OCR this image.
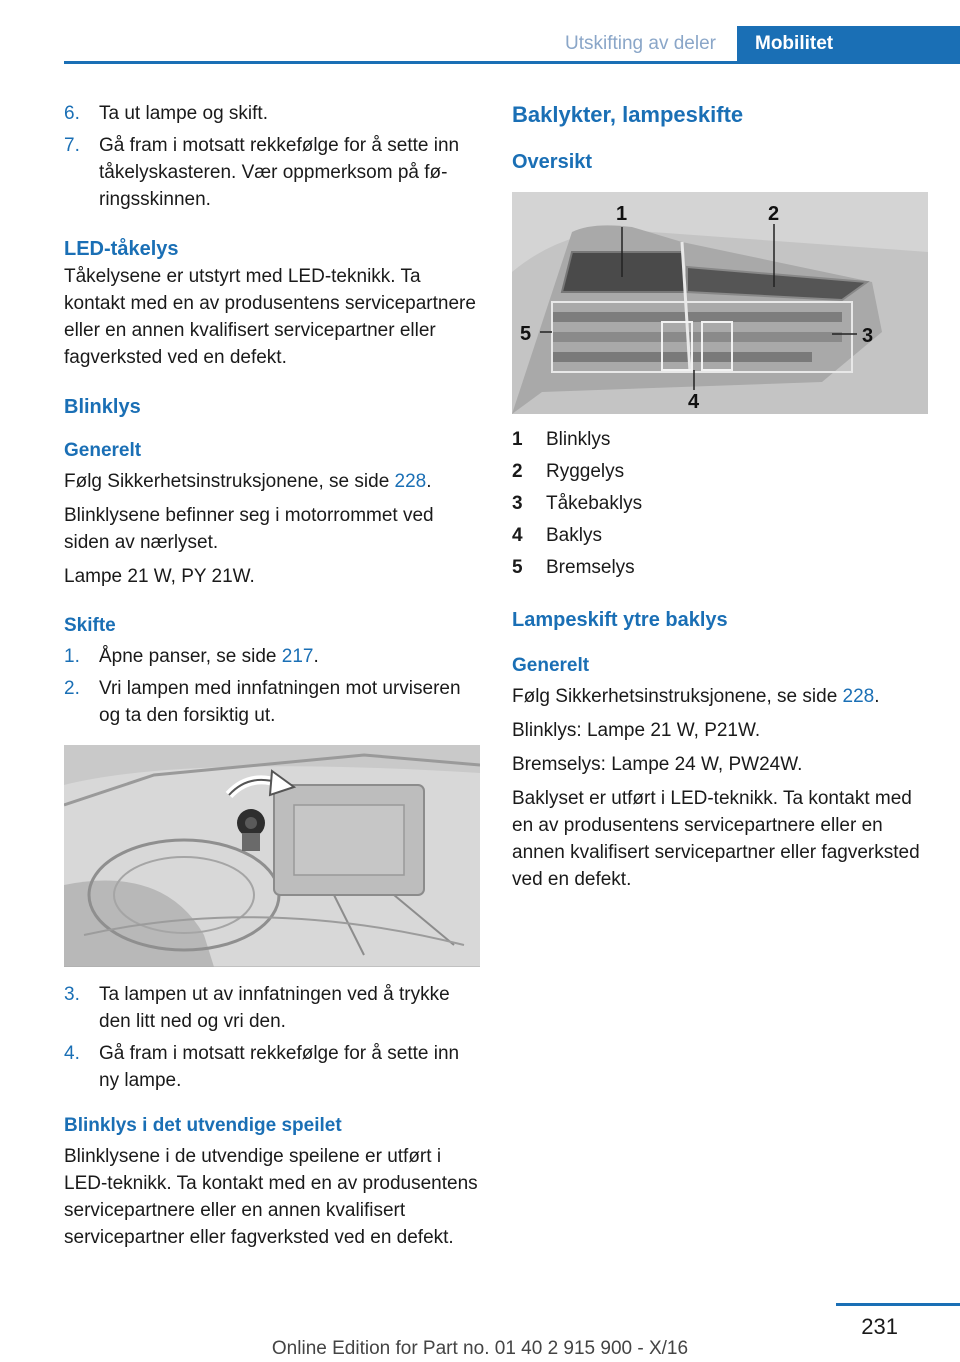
Utskifting av deler	Mobilitet
6.	Ta ut lampe og skift.
7.	Gå fram i motsatt rekkefølge for å sette inn tåkelyskasteren. Vær oppmerksom på føringsskinnen.
LED-tåkelys

Tåkelysene er utstyrt med LED-teknikk. Ta kontakt med en av produsentens servicepartnere eller en annen kvalifisert servicepartner eller fagverksted ved en defekt.

Blinklys
Generelt

Følg Sikkerhetsinstruksjonene, se side 228.

Blinklysene befinner seg i motorrommet ved siden av nærlyset.

Lampe 21 W, PY 21W.

Skifte
1.	Åpne panser, se side 217.
2.	Vri lampen med innfatningen mot urviseren og ta den forsiktig ut.
3.	Ta lampen ut av innfatningen ved å trykke den litt ned og vri den.
4.	Gå fram i motsatt rekkefølge for å sette inn ny lampe.
Blinklys i det utvendige speilet

Blinklysene i de utvendige speilene er utført i LED-teknikk. Ta kontakt med en av produsentens servicepartnere eller en annen kvalifisert servicepartner eller fagverksted ved en defekt.

Baklykter, lampeskifte
Oversikt
1	2
3
4
5
1	Blinklys
2	Ryggelys
3	Tåkebaklys
4	Baklys
5	Bremselys
Lampeskift ytre baklys
Generelt

Følg Sikkerhetsinstruksjonene, se side 228.

Blinklys: Lampe 21 W, P21W.

Bremselys: Lampe 24 W, PW24W.

Baklyset er utført i LED-teknikk. Ta kontakt med en av produsentens servicepartnere eller en annen kvalifisert servicepartner eller fagverksted ved en defekt.

231
Online Edition for Part no. 01 40 2 915 900 - X/16
